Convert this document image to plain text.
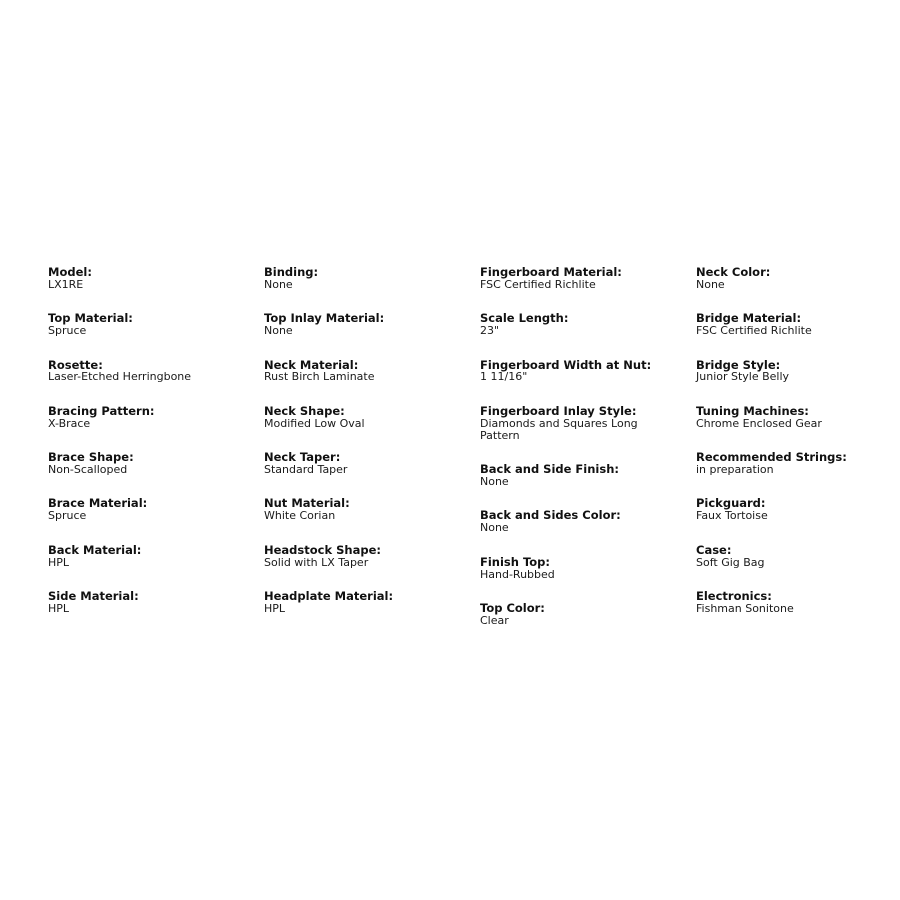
Model:
LX1RE
Top Material:
Spruce
Rosette:
Laser-Etched Herringbone
Bracing Pattern:
X-Brace
Brace Shape:
Non-Scalloped
Brace Material:
Spruce
Back Material:
HPL
Side Material:
HPL
Binding:
None
Top Inlay Material:
None
Neck Material:
Rust Birch Laminate
Neck Shape:
Modified Low Oval
Neck Taper:
Standard Taper
Nut Material:
White Corian
Headstock Shape:
Solid with LX Taper
Headplate Material:
HPL
Fingerboard Material:
FSC Certified Richlite
Scale Length:
23"
Fingerboard Width at Nut:
1 11/16"
Fingerboard Inlay Style:
Diamonds and Squares Long Pattern
Back and Side Finish:
None
Back and Sides Color:
None
Finish Top:
Hand-Rubbed
Top Color:
Clear
Neck Color:
None
Bridge Material:
FSC Certified Richlite
Bridge Style:
Junior Style Belly
Tuning Machines:
Chrome Enclosed Gear
Recommended Strings:
in preparation
Pickguard:
Faux Tortoise
Case:
Soft Gig Bag
Electronics:
Fishman Sonitone
